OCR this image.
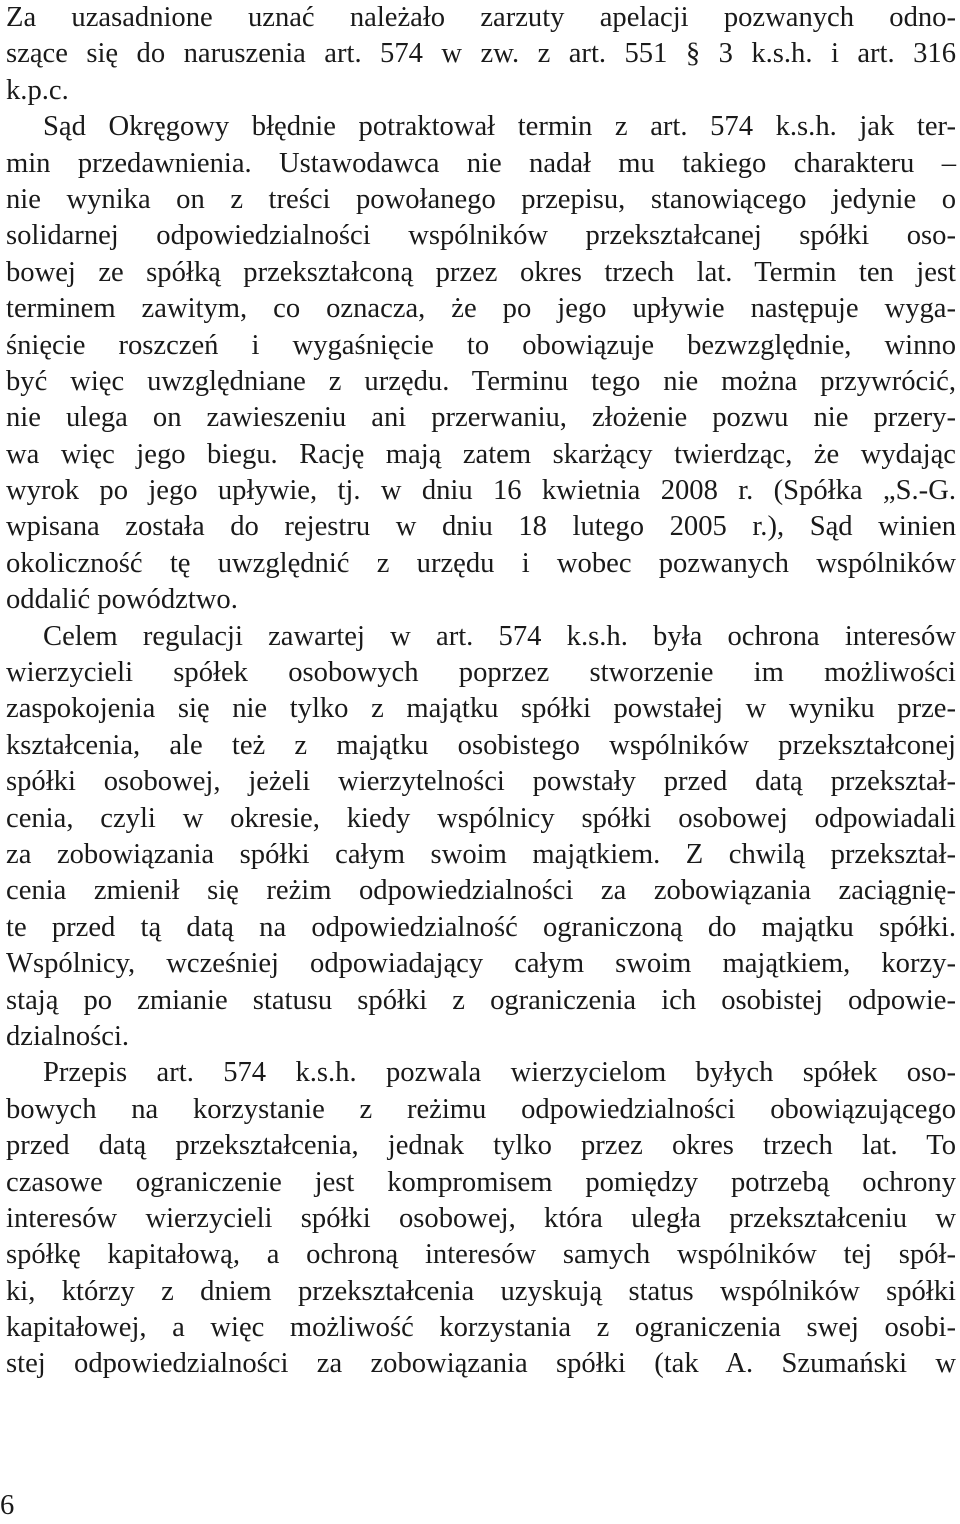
Za uzasadnione uznać należało zarzuty apelacji pozwanych odno-
szące się do naruszenia art. 574 w zw. z art. 551 § 3 k.s.h. i art. 316
k.p.c.
Sąd Okręgowy błędnie potraktował termin z art. 574 k.s.h. jak ter-
min przedawnienia. Ustawodawca nie nadał mu takiego charakteru –
nie wynika on z treści powołanego przepisu, stanowiącego jedynie o
solidarnej odpowiedzialności wspólników przekształcanej spółki oso-
bowej ze spółką przekształconą przez okres trzech lat. Termin ten jest
terminem zawitym, co oznacza, że po jego upływie następuje wyga-
śnięcie roszczeń i wygaśnięcie to obowiązuje bezwzględnie, winno
być więc uwzględniane z urzędu. Terminu tego nie można przywrócić,
nie ulega on zawieszeniu ani przerwaniu, złożenie pozwu nie przery-
wa więc jego biegu. Rację mają zatem skarżący twierdząc, że wydając
wyrok po jego upływie, tj. w dniu 16 kwietnia 2008 r. (Spółka „S.-G.
wpisana została do rejestru w dniu 18 lutego 2005 r.), Sąd winien
okoliczność tę uwzględnić z urzędu i wobec pozwanych wspólników
oddalić powództwo.
Celem regulacji zawartej w art. 574 k.s.h. była ochrona interesów
wierzycieli spółek osobowych poprzez stworzenie im możliwości
zaspokojenia się nie tylko z majątku spółki powstałej w wyniku prze-
kształcenia, ale też z majątku osobistego wspólników przekształconej
spółki osobowej, jeżeli wierzytelności powstały przed datą przekształ-
cenia, czyli w okresie, kiedy wspólnicy spółki osobowej odpowiadali
za zobowiązania spółki całym swoim majątkiem. Z chwilą przekształ-
cenia zmienił się reżim odpowiedzialności za zobowiązania zaciągnię-
te przed tą datą na odpowiedzialność ograniczoną do majątku spółki.
Wspólnicy, wcześniej odpowiadający całym swoim majątkiem, korzy-
stają po zmianie statusu spółki z ograniczenia ich osobistej odpowie-
dzialności.
Przepis art. 574 k.s.h. pozwala wierzycielom byłych spółek oso-
bowych na korzystanie z reżimu odpowiedzialności obowiązującego
przed datą przekształcenia, jednak tylko przez okres trzech lat. To
czasowe ograniczenie jest kompromisem pomiędzy potrzebą ochrony
interesów wierzycieli spółki osobowej, która uległa przekształceniu w
spółkę kapitałową, a ochroną interesów samych wspólników tej spół-
ki, którzy z dniem przekształcenia uzyskują status wspólników spółki
kapitałowej, a więc możliwość korzystania z ograniczenia swej osobi-
stej odpowiedzialności za zobowiązania spółki (tak A. Szumański w
6
